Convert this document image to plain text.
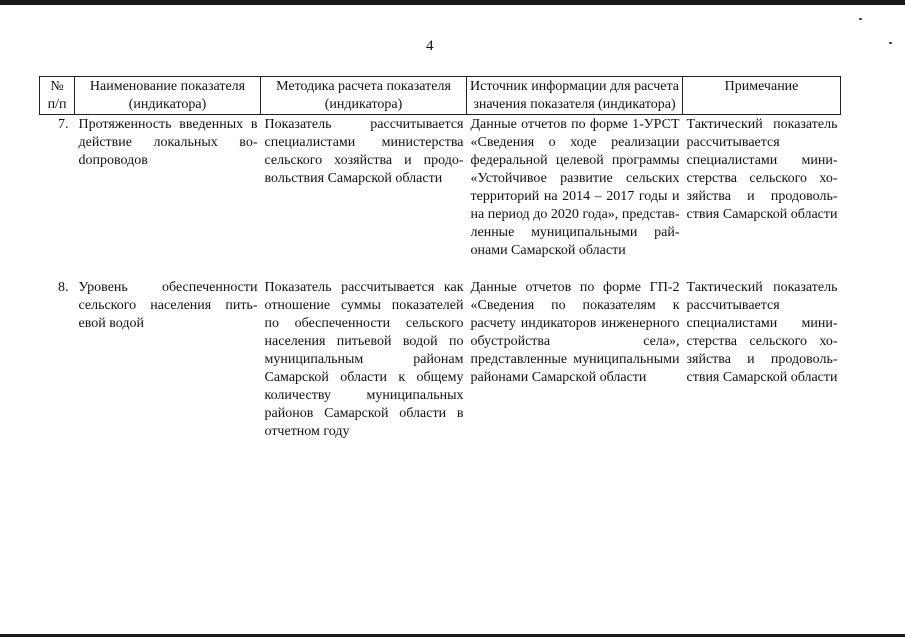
4
№ п/п	Наименование показателя (индикатора)	Методика расчета показателя (индикатора)	Источник информации для расчета значения показателя (индикатора)	Примечание
7.	Протяженность введенных в действие локальных воdопроводов	Показатель рассчитывается специалистами министерства сельского хозяйства и продовольствия Самарской области	Данные отчетов по форме 1-УРСТ «Сведения о ходе реализации федеральной целевой программы «Устойчивое развитие сельских территорий на 2014 – 2017 годы и на период до 2020 года», представленные муниципальными районами Самарской области	Тактический показатель рассчитывается специалистами министерства сельского хозяйства и продовольствия Самарской области
8.	Уровень обеспеченности сельского населения питьевой водой	Показатель рассчитывается как отношение суммы показателей по обеспеченности сельского населения питьевой водой по муниципальным районам Самарской области к общему количеству муниципальных районов Самарской области в отчетном году	Данные отчетов по форме ГП-2 «Сведения по показателям к расчету индикаторов инженерного обустройства села», представленные муниципальными районами Самарской области	Тактический показатель рассчитывается специалистами министерства сельского хозяйства и продовольствия Самарской области
